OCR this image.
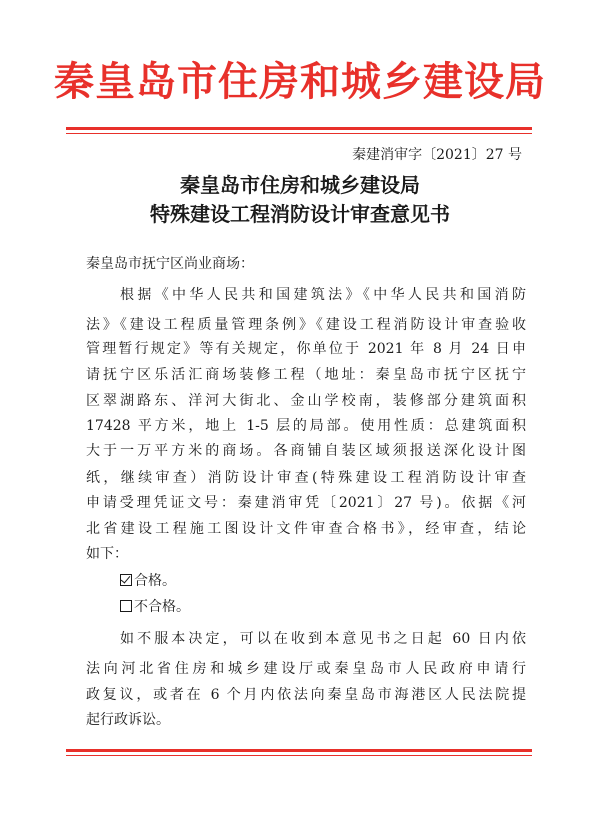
秦皇岛市住房和城乡建设局
秦建消审字〔2021〕27 号
秦皇岛市住房和城乡建设局
特殊建设工程消防设计审查意见书
秦皇岛市抚宁区尚业商场：
根据《中华人民共和国建筑法》《中华人民共和国消防
法》《建设工程质量管理条例》《建设工程消防设计审查验收
管理暂行规定》等有关规定，你单位于 2021 年 8 月 24 日申
请抚宁区乐活汇商场装修工程（地址：秦皇岛市抚宁区抚宁
区翠湖路东、洋河大街北、金山学校南，装修部分建筑面积
17428 平方米，地上 1-5 层的局部。使用性质：总建筑面积
大于一万平方米的商场。各商铺自装区域须报送深化设计图
纸，继续审查）消防设计审查(特殊建设工程消防设计审查
申请受理凭证文号：秦建消审凭〔2021〕27 号)。依据《河
北省建设工程施工图设计文件审查合格书》，经审查，结论
如下：
合格。
不合格。
如不服本决定，可以在收到本意见书之日起 60 日内依
法向河北省住房和城乡建设厅或秦皇岛市人民政府申请行
政复议，或者在 6 个月内依法向秦皇岛市海港区人民法院提
起行政诉讼。
